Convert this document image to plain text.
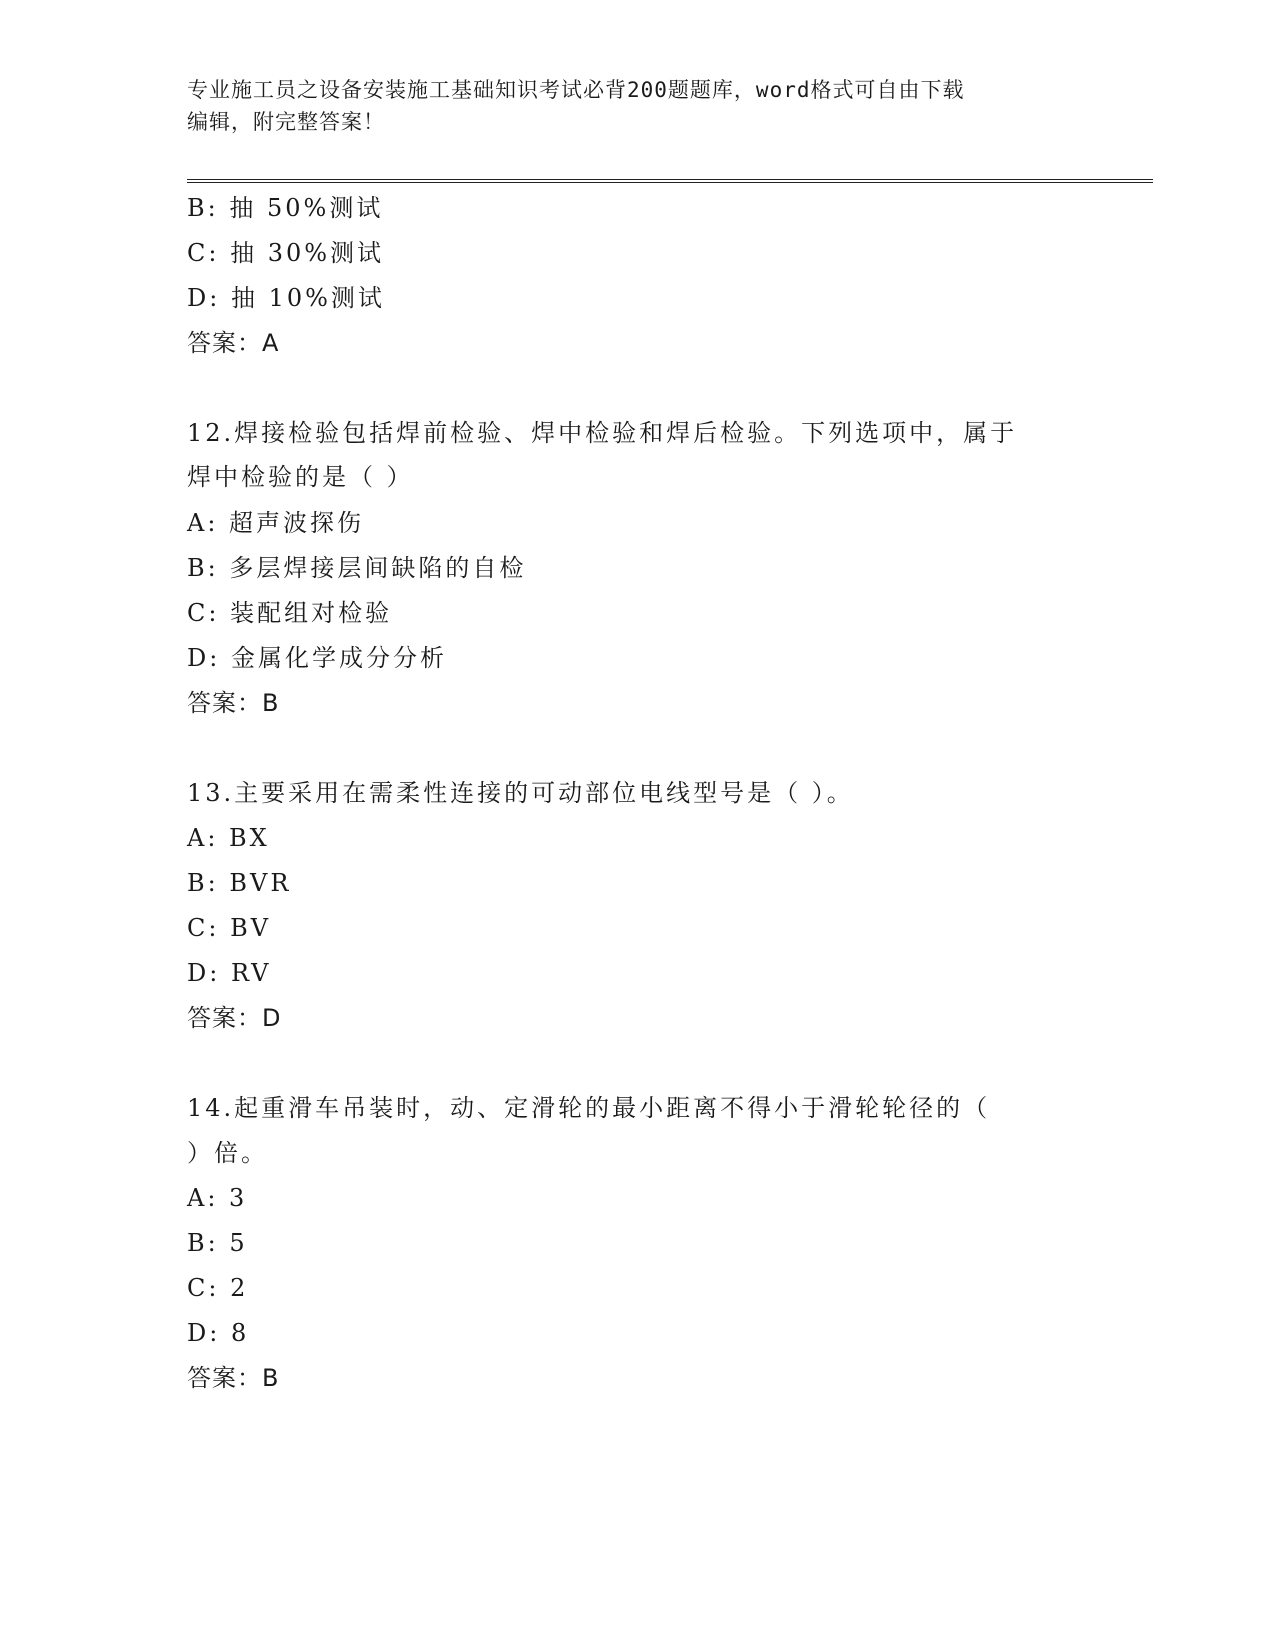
专业施工员之设备安装施工基础知识考试必背200题题库，word格式可自由下载
编辑，附完整答案！
B: 抽 50%测试
C: 抽 30%测试
D: 抽 10%测试
答案：A
12.焊接检验包括焊前检验、焊中检验和焊后检验。下列选项中，属于
焊中检验的是（ ）
A: 超声波探伤
B: 多层焊接层间缺陷的自检
C: 装配组对检验
D: 金属化学成分分析
答案：B
13.主要采用在需柔性连接的可动部位电线型号是（ ）。
A: BX
B: BVR
C: BV
D: RV
答案：D
14.起重滑车吊装时，动、定滑轮的最小距离不得小于滑轮轮径的（
）倍。
A: 3
B: 5
C: 2
D: 8
答案：B
